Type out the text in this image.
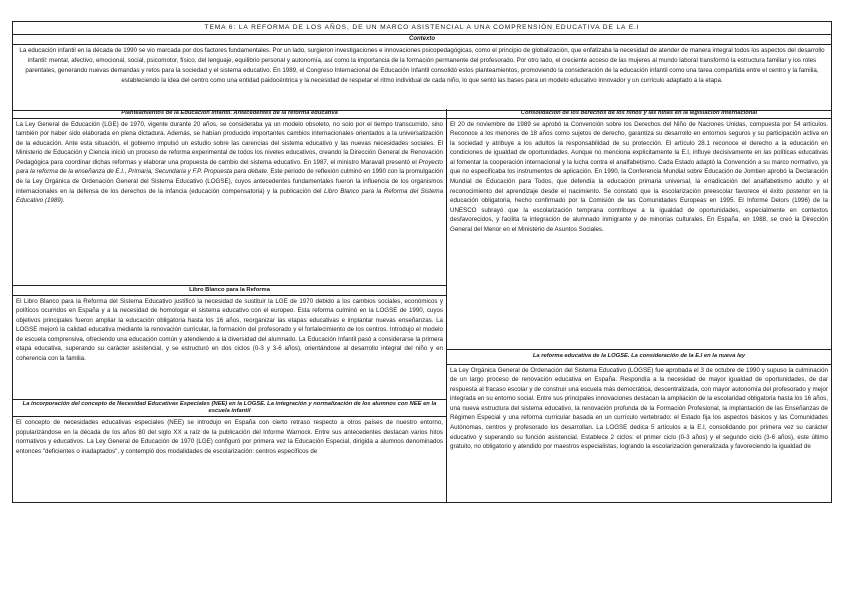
TEMA 6: LA REFORMA DE LOS AÑOS, DE UN MARCO ASISTENCIAL A UNA COMPRENSIÓN EDUCATIVA DE LA E.I
Contexto
La educación infantil en la década de 1990 se vio marcada por dos factores fundamentales. Por un lado, surgieron investigaciones e innovaciones psicopedagógicas, como el principio de globalización, que enfatizaba la necesidad de atender de manera integral todos los aspectos del desarrollo infantil: mental, afectivo, emocional, social, psicomotor, físico, del lenguaje, equilibrio personal y autonomía, así como la importancia de la formación permanente del profesorado. Por otro lado, el creciente acceso de las mujeres al mundo laboral transformó la estructura familiar y los roles parentales, generando nuevas demandas y retos para la sociedad y el sistema educativo. En 1989, el Congreso Internacional de Educación Infantil consolidó estos planteamientos, promoviendo la consideración de la educación infantil como una tarea compartida entre el centro y la familia, estableciendo la idea del centro como una entidad paidocéntrica y la necesidad de respetar el ritmo individual de cada niño, lo que sentó las bases para un modelo educativo innovador y un currículo adaptado a la etapa.
Planteamientos de la Educación Infantil. Antecedentes de la reforma educativa
La Ley General de Educación (LGE) de 1970, vigente durante 20 años, se consideraba ya un modelo obsoleto, no solo por el tiempo transcurrido, sino también por haber sido elaborada en plena dictadura. Además, se habían producido importantes cambios internacionales orientados a la universalización de la educación. Ante esta situación, el gobierno impulsó un estudio sobre las carencias del sistema educativo y las nuevas necesidades sociales. El Ministerio de Educación y Ciencia inició un proceso de reforma experimental de todos los niveles educativos, creando la Dirección General de Renovación Pedagógica para coordinar dichas reformas y elaborar una propuesta de cambio del sistema educativo. En 1987, el ministro Maravall presentó el Proyecto para la reforma de la enseñanza de E.I., Primaria, Secundaria y F.P. Propuesta para debate. Este periodo de reflexión culminó en 1990 con la promulgación de la Ley Orgánica de Ordenación General del Sistema Educativo (LOGSE), cuyos antecedentes fundamentales fueron la influencia de los organismos internacionales en la defensa de los derechos de la infancia (educación compensatoria) y la publicación del Libro Blanco para la Reforma del Sistema Educativo (1989).
Libro Blanco para la Reforma
El Libro Blanco para la Reforma del Sistema Educativo justificó la necesidad de sustituir la LGE de 1970 debido a los cambios sociales, económicos y políticos ocurridos en España y a la necesidad de homologar el sistema educativo con el europeo. Esta reforma culminó en la LOGSE de 1990, cuyos objetivos principales fueron ampliar la educación obligatoria hasta los 16 años, reorganizar las etapas educativas e implantar nuevas enseñanzas. La LOGSE mejoró la calidad educativa mediante la renovación curricular, la formación del profesorado y el fortalecimiento de los centros. Introdujo el modelo de escuela comprensiva, ofreciendo una educación común y atendiendo a la diversidad del alumnado. La Educación Infantil pasó a considerarse la primera etapa educativa, superando su carácter asistencial, y se estructuró en dos ciclos (0-3 y 3-6 años), orientándose al desarrollo integral del niño y en coherencia con la familia.
La incorporación del concepto de Necesidad Educativas Especiales (NEE) en la LOGSE. La integración y normalización de los alumnos con NEE en la escuela infantil
El concepto de necesidades educativas especiales (NEE) se introdujo en España con cierto retraso respecto a otros países de nuestro entorno, popularizándose en la década de los años 80 del siglo XX a raíz de la publicación del Informe Warnock. Entre sus antecedentes destacan varios hitos normativos y educativos. La Ley General de Educación de 1970 (LGE) configuró por primera vez la Educación Especial, dirigida a alumnos denominados entonces "deficientes o inadaptados", y contempló dos modalidades de escolarización: centros específicos de
Consolidación de los derechos de los niños y las niñas en la legislación internacional
El 20 de noviembre de 1989 se aprobó la Convención sobre los Derechos del Niño de Naciones Unidas, compuesta por 54 artículos. Reconoce a los menores de 18 años como sujetos de derecho, garantiza su desarrollo en entornos seguros y su participación activa en la sociedad y atribuye a los adultos la responsabilidad de su protección. El artículo 28.1 reconoce el derecho a la educación en condiciones de igualdad de oportunidades. Aunque no menciona explícitamente la E.I, influye decisivamente en las políticas educativas al fomentar la cooperación internacional y la lucha contra el analfabetismo. Cada Estado adaptó la Convención a su marco normativo, ya que no especificaba los instrumentos de aplicación. En 1990, la Conferencia Mundial sobre Educación de Jomtien aprobó la Declaración Mundial de Educación para Todos, que defendía la educación primaria universal, la erradicación del analfabetismo adulto y el reconocimiento del aprendizaje desde el nacimiento. Se constató que la escolarización preescolar favorece el éxito posterior en la educación obligatoria, hecho confirmado por la Comisión de las Comunidades Europeas en 1995. El Informe Delors (1996) de la UNESCO subrayó que la escolarización temprana contribuye a la igualdad de oportunidades, especialmente en contextos desfavorecidos, y facilita la integración de alumnado inmigrante y de minorías culturales. En España, en 1988, se creó la Dirección General del Menor en el Ministerio de Asuntos Sociales.
La reforma educativa de la LOGSE. La consideración de la E.I en la nueva ley
La Ley Orgánica General de Ordenación del Sistema Educativo (LOGSE) fue aprobada el 3 de octubre de 1990 y supuso la culminación de un largo proceso de renovación educativa en España. Respondía a la necesidad de mayor igualdad de oportunidades, de dar respuesta al fracaso escolar y de construir una escuela más democrática, descentralizada, con mayor autonomía del profesorado y mejor integrada en su entorno social. Entre sus principales innovaciones destacan la ampliación de la escolaridad obligatoria hasta los 16 años, una nueva estructura del sistema educativo, la renovación profunda de la Formación Profesional, la implantación de las Enseñanzas de Régimen Especial y una reforma curricular basada en un currículo vertebrado: el Estado fija los aspectos básicos y las Comunidades Autónomas, centros y profesorado los desarrollan. La LOGSE dedica 5 artículos a la E.I, consolidando por primera vez su carácter educativo y superando su función asistencial. Establece 2 ciclos: el primer ciclo (0-3 años) y el segundo ciclo (3-6 años), este último gratuito, no obligatorio y atendido por maestros especialistas, logrando la escolarización generalizada y favoreciendo la igualdad de
